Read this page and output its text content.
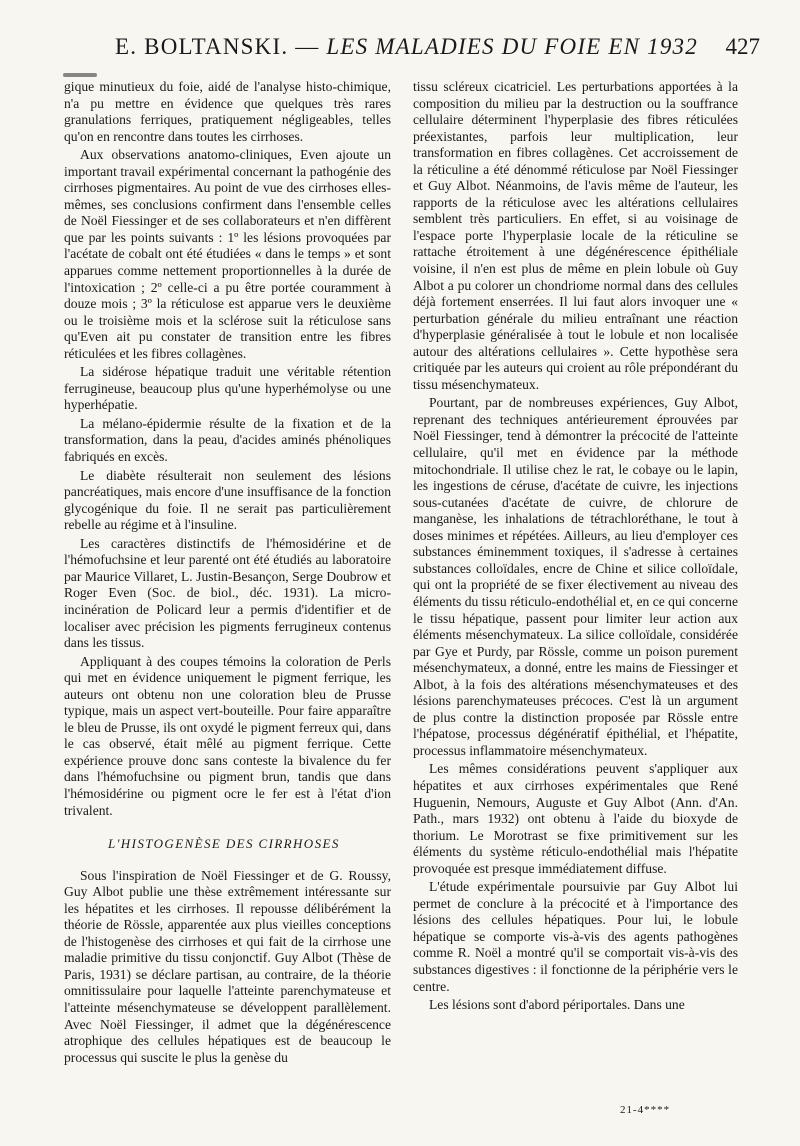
E. BOLTANSKI. — LES MALADIES DU FOIE EN 1932 427

gique minutieux du foie, aidé de l'analyse histo-chimique, n'a pu mettre en évidence que quelques très rares granulations ferriques, pratiquement négligeables, telles qu'on en rencontre dans toutes les cirrhoses.

Aux observations anatomo-cliniques, Even ajoute un important travail expérimental concernant la pathogénie des cirrhoses pigmentaires. Au point de vue des cirrhoses elles-mêmes, ses conclusions confirment dans l'ensemble celles de Noël Fiessinger et de ses collaborateurs et n'en diffèrent que par les points suivants : 1º les lésions provoquées par l'acétate de cobalt ont été étudiées « dans le temps » et sont apparues comme nettement proportionnelles à la durée de l'intoxication ; 2º celle-ci a pu être portée couramment à douze mois ; 3º la réticulose est apparue vers le deuxième ou le troisième mois et la sclérose suit la réticulose sans qu'Even ait pu constater de transition entre les fibres réticulées et les fibres collagènes.

La sidérose hépatique traduit une véritable rétention ferrugineuse, beaucoup plus qu'une hyperhémolyse ou une hyperhépatie.

La mélano-épidermie résulte de la fixation et de la transformation, dans la peau, d'acides aminés phénoliques fabriqués en excès.

Le diabète résulterait non seulement des lésions pancréatiques, mais encore d'une insuffisance de la fonction glycogénique du foie. Il ne serait pas particulièrement rebelle au régime et à l'insuline.

Les caractères distinctifs de l'hémosidérine et de l'hémofuchsine et leur parenté ont été étudiés au laboratoire par Maurice Villaret, L. Justin-Besançon, Serge Doubrow et Roger Even (Soc. de biol., déc. 1931). La micro-incinération de Policard leur a permis d'identifier et de localiser avec précision les pigments ferrugineux contenus dans les tissus.

Appliquant à des coupes témoins la coloration de Perls qui met en évidence uniquement le pigment ferrique, les auteurs ont obtenu non une coloration bleu de Prusse typique, mais un aspect vert-bouteille. Pour faire apparaître le bleu de Prusse, ils ont oxydé le pigment ferreux qui, dans le cas observé, était mêlé au pigment ferrique. Cette expérience prouve donc sans conteste la bivalence du fer dans l'hémofuchsine ou pigment brun, tandis que dans l'hémosidérine ou pigment ocre le fer est à l'état d'ion trivalent.

L'HISTOGENÈSE DES CIRRHOSES

Sous l'inspiration de Noël Fiessinger et de G. Roussy, Guy Albot publie une thèse extrêmement intéressante sur les hépatites et les cirrhoses. Il repousse délibérément la théorie de Rössle, apparentée aux plus vieilles conceptions de l'histogenèse des cirrhoses et qui fait de la cirrhose une maladie primitive du tissu conjonctif. Guy Albot (Thèse de Paris, 1931) se déclare partisan, au contraire, de la théorie omnitissulaire pour laquelle l'atteinte parenchymateuse et l'atteinte mésenchymateuse se développent parallèlement. Avec Noël Fiessinger, il admet que la dégénérescence atrophique des cellules hépatiques est de beaucoup le processus qui suscite le plus la genèse du

tissu scléreux cicatriciel. Les perturbations apportées à la composition du milieu par la destruction ou la souffrance cellulaire déterminent l'hyperplasie des fibres réticulées préexistantes, parfois leur multiplication, leur transformation en fibres collagènes. Cet accroissement de la réticuline a été dénommé réticulose par Noël Fiessinger et Guy Albot. Néanmoins, de l'avis même de l'auteur, les rapports de la réticulose avec les altérations cellulaires semblent très particuliers. En effet, si au voisinage de l'espace porte l'hyperplasie locale de la réticuline se rattache étroitement à une dégénérescence épithéliale voisine, il n'en est plus de même en plein lobule où Guy Albot a pu colorer un chondriome normal dans des cellules déjà fortement enserrées. Il lui faut alors invoquer une « perturbation générale du milieu entraînant une réaction d'hyperplasie généralisée à tout le lobule et non localisée autour des altérations cellulaires ». Cette hypothèse sera critiquée par les auteurs qui croient au rôle prépondérant du tissu mésenchymateux.

Pourtant, par de nombreuses expériences, Guy Albot, reprenant des techniques antérieurement éprouvées par Noël Fiessinger, tend à démontrer la précocité de l'atteinte cellulaire, qu'il met en évidence par la méthode mitochondriale. Il utilise chez le rat, le cobaye ou le lapin, les ingestions de céruse, d'acétate de cuivre, les injections sous-cutanées d'acétate de cuivre, de chlorure de manganèse, les inhalations de tétrachloréthane, le tout à doses minimes et répétées. Ailleurs, au lieu d'employer ces substances éminemment toxiques, il s'adresse à certaines substances colloïdales, encre de Chine et silice colloïdale, qui ont la propriété de se fixer électivement au niveau des éléments du tissu réticulo-endothélial et, en ce qui concerne le tissu hépatique, passent pour limiter leur action aux éléments mésenchymateux. La silice colloïdale, considérée par Gye et Purdy, par Rössle, comme un poison purement mésenchymateux, a donné, entre les mains de Fiessinger et Albot, à la fois des altérations mésenchymateuses et des lésions parenchymateuses précoces. C'est là un argument de plus contre la distinction proposée par Rössle entre l'hépatose, processus dégénératif épithélial, et l'hépatite, processus inflammatoire mésenchymateux.

Les mêmes considérations peuvent s'appliquer aux hépatites et aux cirrhoses expérimentales que René Huguenin, Nemours, Auguste et Guy Albot (Ann. d'An. Path., mars 1932) ont obtenu à l'aide du bioxyde de thorium. Le Morotrast se fixe primitivement sur les éléments du système réticulo-endothélial mais l'hépatite provoquée est presque immédiatement diffuse.

L'étude expérimentale poursuivie par Guy Albot lui permet de conclure à la précocité et à l'importance des lésions des cellules hépatiques. Pour lui, le lobule hépatique se comporte vis-à-vis des agents pathogènes comme R. Noël a montré qu'il se comportait vis-à-vis des substances digestives : il fonctionne de la périphérie vers le centre.

Les lésions sont d'abord périportales. Dans une

21-4****
